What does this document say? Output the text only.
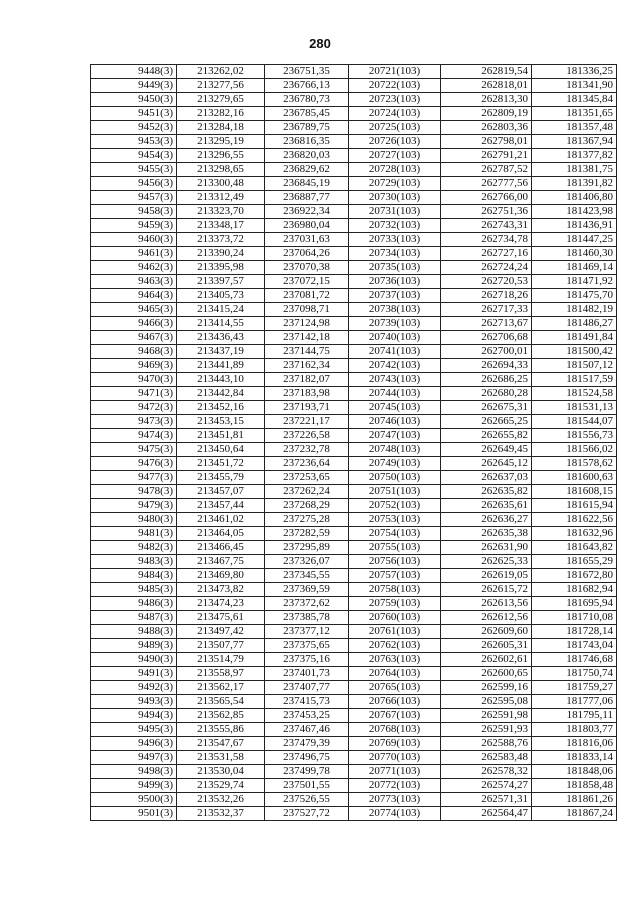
280
9448(3)	213262,02	236751,35	20721(103)	262819,54	181336,25
9449(3)	213277,56	236766,13	20722(103)	262818,01	181341,90
9450(3)	213279,65	236780,73	20723(103)	262813,30	181345,84
9451(3)	213282,16	236785,45	20724(103)	262809,19	181351,65
9452(3)	213284,18	236789,75	20725(103)	262803,36	181357,48
9453(3)	213295,19	236816,35	20726(103)	262798,01	181367,94
9454(3)	213296,55	236820,03	20727(103)	262791,21	181377,82
9455(3)	213298,65	236829,62	20728(103)	262787,52	181381,75
9456(3)	213300,48	236845,19	20729(103)	262777,56	181391,82
9457(3)	213312,49	236887,77	20730(103)	262766,00	181406,80
9458(3)	213323,70	236922,34	20731(103)	262751,36	181423,98
9459(3)	213348,17	236980,04	20732(103)	262743,31	181436,91
9460(3)	213373,72	237031,63	20733(103)	262734,78	181447,25
9461(3)	213390,24	237064,26	20734(103)	262727,16	181460,30
9462(3)	213395,98	237070,38	20735(103)	262724,24	181469,14
9463(3)	213397,57	237072,15	20736(103)	262720,53	181471,92
9464(3)	213405,73	237081,72	20737(103)	262718,26	181475,70
9465(3)	213415,24	237098,71	20738(103)	262717,33	181482,19
9466(3)	213414,55	237124,98	20739(103)	262713,67	181486,27
9467(3)	213436,43	237142,18	20740(103)	262706,68	181491,84
9468(3)	213437,19	237144,75	20741(103)	262700,01	181500,42
9469(3)	213441,89	237162,34	20742(103)	262694,33	181507,12
9470(3)	213443,10	237182,07	20743(103)	262686,25	181517,59
9471(3)	213442,84	237183,98	20744(103)	262680,28	181524,58
9472(3)	213452,16	237193,71	20745(103)	262675,31	181531,13
9473(3)	213453,15	237221,17	20746(103)	262665,25	181544,07
9474(3)	213451,81	237226,58	20747(103)	262655,82	181556,73
9475(3)	213450,64	237232,78	20748(103)	262649,45	181566,02
9476(3)	213451,72	237236,64	20749(103)	262645,12	181578,62
9477(3)	213455,79	237253,65	20750(103)	262637,03	181600,63
9478(3)	213457,07	237262,24	20751(103)	262635,82	181608,15
9479(3)	213457,44	237268,29	20752(103)	262635,61	181615,94
9480(3)	213461,02	237275,28	20753(103)	262636,27	181622,56
9481(3)	213464,05	237282,59	20754(103)	262635,38	181632,96
9482(3)	213466,45	237295,89	20755(103)	262631,90	181643,82
9483(3)	213467,75	237326,07	20756(103)	262625,33	181655,29
9484(3)	213469,80	237345,55	20757(103)	262619,05	181672,80
9485(3)	213473,82	237369,59	20758(103)	262615,72	181682,94
9486(3)	213474,23	237372,62	20759(103)	262613,56	181695,94
9487(3)	213475,61	237385,78	20760(103)	262612,56	181710,08
9488(3)	213497,42	237377,12	20761(103)	262609,60	181728,14
9489(3)	213507,77	237375,65	20762(103)	262605,31	181743,04
9490(3)	213514,79	237375,16	20763(103)	262602,61	181746,68
9491(3)	213558,97	237401,73	20764(103)	262600,65	181750,74
9492(3)	213562,17	237407,77	20765(103)	262599,16	181759,27
9493(3)	213565,54	237415,73	20766(103)	262595,08	181777,06
9494(3)	213562,85	237453,25	20767(103)	262591,98	181795,11
9495(3)	213555,86	237467,46	20768(103)	262591,93	181803,77
9496(3)	213547,67	237479,39	20769(103)	262588,76	181816,06
9497(3)	213531,58	237496,75	20770(103)	262583,48	181833,14
9498(3)	213530,04	237499,78	20771(103)	262578,32	181848,06
9499(3)	213529,74	237501,55	20772(103)	262574,27	181858,48
9500(3)	213532,26	237526,55	20773(103)	262571,31	181861,26
9501(3)	213532,37	237527,72	20774(103)	262564,47	181867,24
